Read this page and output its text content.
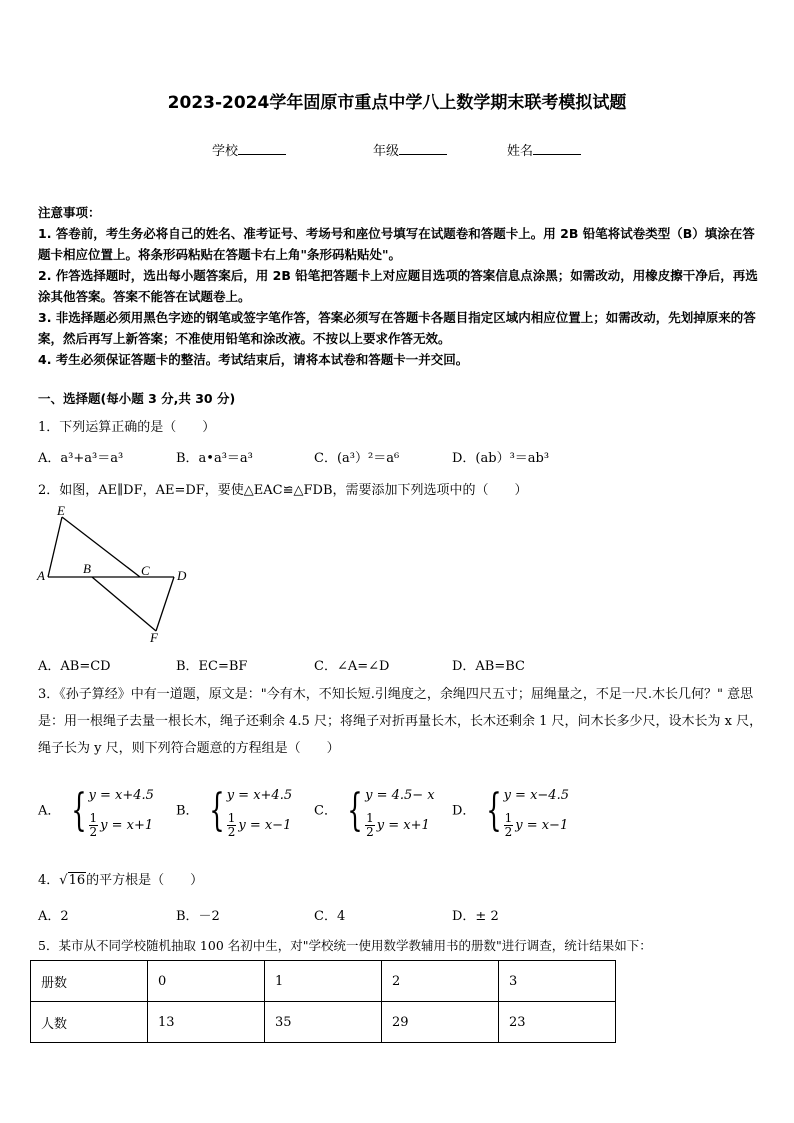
2023-2024学年固原市重点中学八上数学期末联考模拟试题
学校	年级	姓名

注意事项：

1. 答卷前，考生务必将自己的姓名、准考证号、考场号和座位号填写在试题卷和答题卡上。用 2B 铅笔将试卷类型（B）填涂在答题卡相应位置上。将条形码粘贴在答题卡右上角"条形码粘贴处"。

2. 作答选择题时，选出每小题答案后，用 2B 铅笔把答题卡上对应题目选项的答案信息点涂黑；如需改动，用橡皮擦干净后，再选涂其他答案。答案不能答在试题卷上。

3. 非选择题必须用黑色字迹的钢笔或签字笔作答，答案必须写在答题卡各题目指定区域内相应位置上；如需改动，先划掉原来的答案，然后再写上新答案；不准使用铅笔和涂改液。不按以上要求作答无效。

4. 考生必须保证答题卡的整洁。考试结束后，请将本试卷和答题卡一并交回。

一、选择题(每小题 3 分,共 30 分)
1．下列运算正确的是（　　）
A．a³+a³＝a³	B．a•a³＝a³	C．(a³）²＝a⁶	D．(ab）³＝ab³
2．如图，AE∥DF，AE=DF，要使△EAC≌△FDB，需要添加下列选项中的（　　）
E
A	B	C D
F
A．AB=CD	B．EC=BF	C．∠A=∠D	D．AB=BC
3．《孙子算经》中有一道题，原文是："今有木，不知长短.引绳度之，余绳四尺五寸；屈绳量之，不足一尺.木长几何？" 意思是：用一根绳子去量一根长木，绳子还剩余 4.5 尺；将绳子对折再量长木，长木还剩余 1 尺，问木长多少尺，设木长为 x 尺，绳子长为 y 尺，则下列符合题意的方程组是（　　）
A． { y = x+4.5
$\frac{1}{2}$ y = x+1
B． { y = x+4.5
$\frac{1}{2}$ y = x−1
C． { y = 4.5− x
$\frac{1}{2}$ y = x+1
D． { y = x−4.5
$\frac{1}{2}$ y = x−1
4．√16的平方根是（　　）
A．2	B．－2	C．4	D．± 2
5．某市从不同学校随机抽取 100 名初中生，对"学校统一使用数学教辅用书的册数"进行调查，统计结果如下：
册数	0	1	2	3
人数	13	35	29	23
